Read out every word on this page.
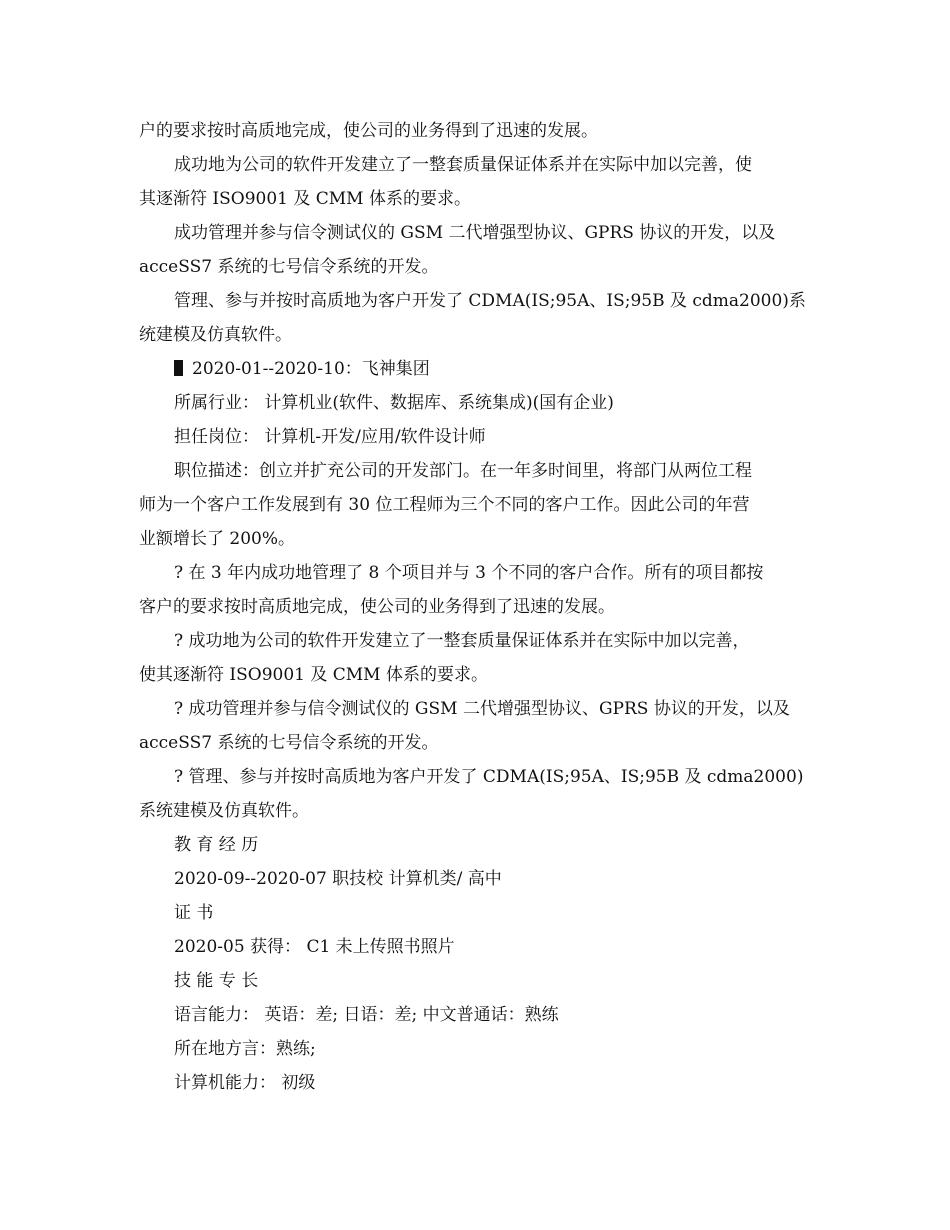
户的要求按时高质地完成，使公司的业务得到了迅速的发展。
成功地为公司的软件开发建立了一整套质量保证体系并在实际中加以完善，使
其逐渐符 ISO9001 及 CMM 体系的要求。
成功管理并参与信令测试仪的 GSM 二代增强型协议、GPRS 协议的开发，以及
acceSS7 系统的七号信令系统的开发。
管理、参与并按时高质地为客户开发了 CDMA(IS;95A、IS;95B 及 cdma2000)系
统建模及仿真软件。
2020-01--2020-10：飞神集团
所属行业： 计算机业(软件、数据库、系统集成)(国有企业)
担任岗位： 计算机-开发/应用/软件设计师
职位描述：创立并扩充公司的开发部门。在一年多时间里，将部门从两位工程
师为一个客户工作发展到有 30 位工程师为三个不同的客户工作。因此公司的年营
业额增长了 200%。
? 在 3 年内成功地管理了 8 个项目并与 3 个不同的客户合作。所有的项目都按
客户的要求按时高质地完成，使公司的业务得到了迅速的发展。
? 成功地为公司的软件开发建立了一整套质量保证体系并在实际中加以完善，
使其逐渐符 ISO9001 及 CMM 体系的要求。
? 成功管理并参与信令测试仪的 GSM 二代增强型协议、GPRS 协议的开发，以及
acceSS7 系统的七号信令系统的开发。
? 管理、参与并按时高质地为客户开发了 CDMA(IS;95A、IS;95B 及 cdma2000)
系统建模及仿真软件。
教 育 经 历
2020-09--2020-07 职技校 计算机类/ 高中
证 书
2020-05 获得： C1 未上传照书照片
技 能 专 长
语言能力： 英语：差; 日语：差; 中文普通话：熟练
所在地方言：熟练;
计算机能力： 初级
